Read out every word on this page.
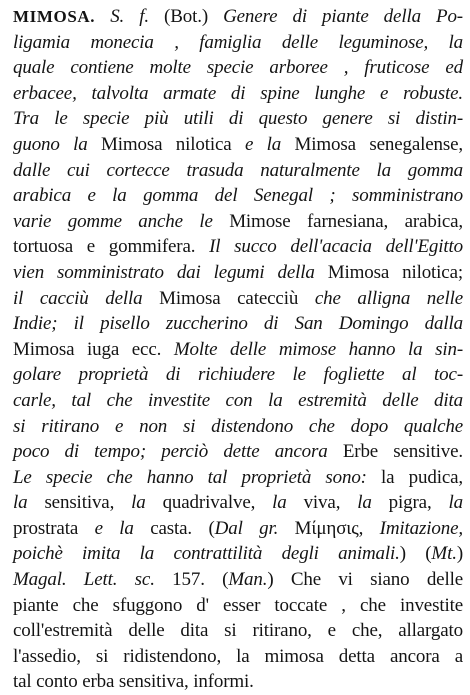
MIMOSA. S. f. (Bot.) Genere di piante della Po-
ligamia monecia , famiglia delle leguminose, la
quale contiene molte specie arboree , fruticose ed
erbacee, talvolta armate di spine lunghe e robuste.
Tra le specie più utili di questo genere si distin-
guono la Mimosa nilotica e la Mimosa senegalense,
dalle cui cortecce trasuda naturalmente la gomma
arabica e la gomma del Senegal ; somministrano
varie gomme anche le Mimose farnesiana, arabica,
tortuosa e gommifera. Il succo dell'acacia dell'Egitto
vien somministrato dai legumi della Mimosa nilotica;
il cacciù della Mimosa catecciù che alligna nelle
Indie; il pisello zuccherino di San Domingo dalla
Mimosa iuga ecc. Molte delle mimose hanno la sin-
golare proprietà di richiudere le fogliette al toc-
carle, tal che investite con la estremità delle dita
si ritirano e non si distendono che dopo qualche
poco di tempo; perciò dette ancora Erbe sensitive.
Le specie che hanno tal proprietà sono: la pudica,
la sensitiva, la quadrivalve, la viva, la pigra, la
prostrata e la casta. (Dal gr. Μίμησις, Imitazione,
poichè imita la contrattilità degli animali.) (Mt.)
Magal. Lett. sc. 157. (Man.) Che vi siano delle
piante che sfuggono d' esser toccate , che investite
coll'estremità delle dita si ritirano, e che, allargato
l'assedio, si ridistendono, la mimosa detta ancora a
tal conto erba sensitiva, informi.
